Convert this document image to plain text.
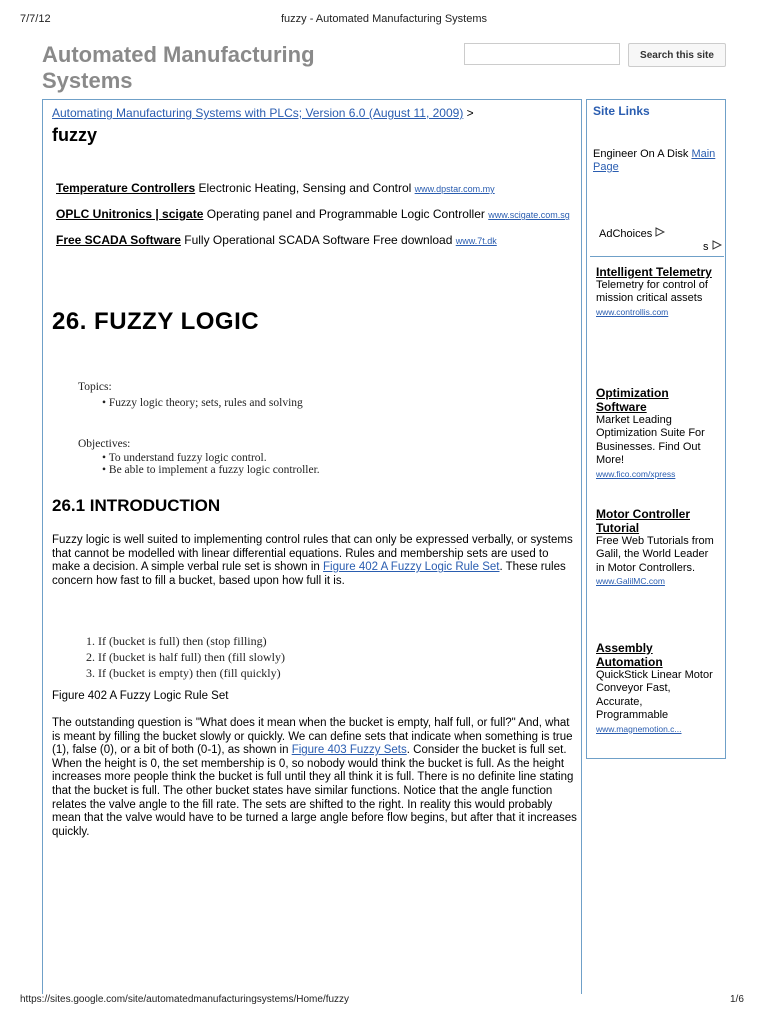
7/7/12	fuzzy - Automated Manufacturing Systems
Automated Manufacturing Systems
Search this site
Automating Manufacturing Systems with PLCs; Version 6.0 (August 11, 2009) >
fuzzy
Temperature Controllers Electronic Heating, Sensing and Control www.dpstar.com.my
OPLC Unitronics | scigate Operating panel and Programmable Logic Controller www.scigate.com.sg
Free SCADA Software Fully Operational SCADA Software Free download www.7t.dk
26. FUZZY LOGIC
Topics:
• Fuzzy logic theory; sets, rules and solving
Objectives:
• To understand fuzzy logic control.
• Be able to implement a fuzzy logic controller.
26.1 INTRODUCTION
Fuzzy logic is well suited to implementing control rules that can only be expressed verbally, or systems that cannot be modelled with linear differential equations. Rules and membership sets are used to make a decision. A simple verbal rule set is shown in Figure 402 A Fuzzy Logic Rule Set. These rules concern how fast to fill a bucket, based upon how full it is.
1. If (bucket is full) then (stop filling)
2. If (bucket is half full) then (fill slowly)
3. If (bucket is empty) then (fill quickly)
Figure 402 A Fuzzy Logic Rule Set
The outstanding question is "What does it mean when the bucket is empty, half full, or full?" And, what is meant by filling the bucket slowly or quickly. We can define sets that indicate when something is true (1), false (0), or a bit of both (0-1), as shown in Figure 403 Fuzzy Sets. Consider the bucket is full set. When the height is 0, the set membership is 0, so nobody would think the bucket is full. As the height increases more people think the bucket is full until they all think it is full. There is no definite line stating that the bucket is full. The other bucket states have similar functions. Notice that the angle function relates the valve angle to the fill rate. The sets are shifted to the right. In reality this would probably mean that the valve would have to be turned a large angle before flow begins, but after that it increases quickly.
Site Links
Engineer On A Disk Main Page
AdChoices
s
Intelligent Telemetry
Telemetry for control of mission critical assets
www.controllis.com
Optimization Software
Market Leading Optimization Suite For Businesses. Find Out More!
www.fico.com/xpress
Motor Controller Tutorial
Free Web Tutorials from Galil, the World Leader in Motor Controllers.
www.GalilMC.com
Assembly Automation
QuickStick Linear Motor Conveyor Fast, Accurate, Programmable
www.magnemotion.c...
https://sites.google.com/site/automatedmanufacturingsystems/Home/fuzzy	1/6
